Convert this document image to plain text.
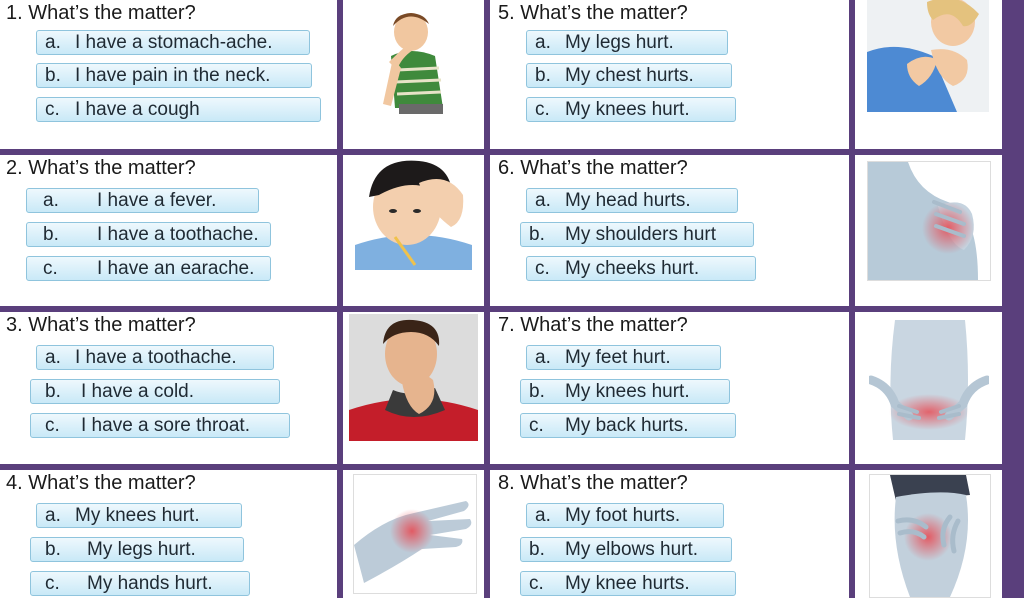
1. What’s the matter?
a. I have a stomach-ache.
b. I have pain in the neck.
c. I have a cough
5. What’s the matter?
a. My legs hurt.
b. My chest hurts.
c. My knees hurt.
2. What’s the matter?
a.	I have a fever.
b.	I have a toothache.
c.	I have an earache.
6. What’s the matter?
a. My head hurts.
b.	My shoulders hurt
c. My cheeks hurt.
3. What’s the matter?
a. I have a toothache.
b.	I have a cold.
c.	I have a sore throat.
7. What’s the matter?
a. My feet hurt.
b.	My knees hurt.
c.	My back hurts.
4. What’s the matter?
a. My knees hurt.
b.	My legs hurt.
c.	My hands hurt.
8. What’s the matter?
a. My foot hurts.
b.	My elbows hurt.
c.	My knee hurts.
